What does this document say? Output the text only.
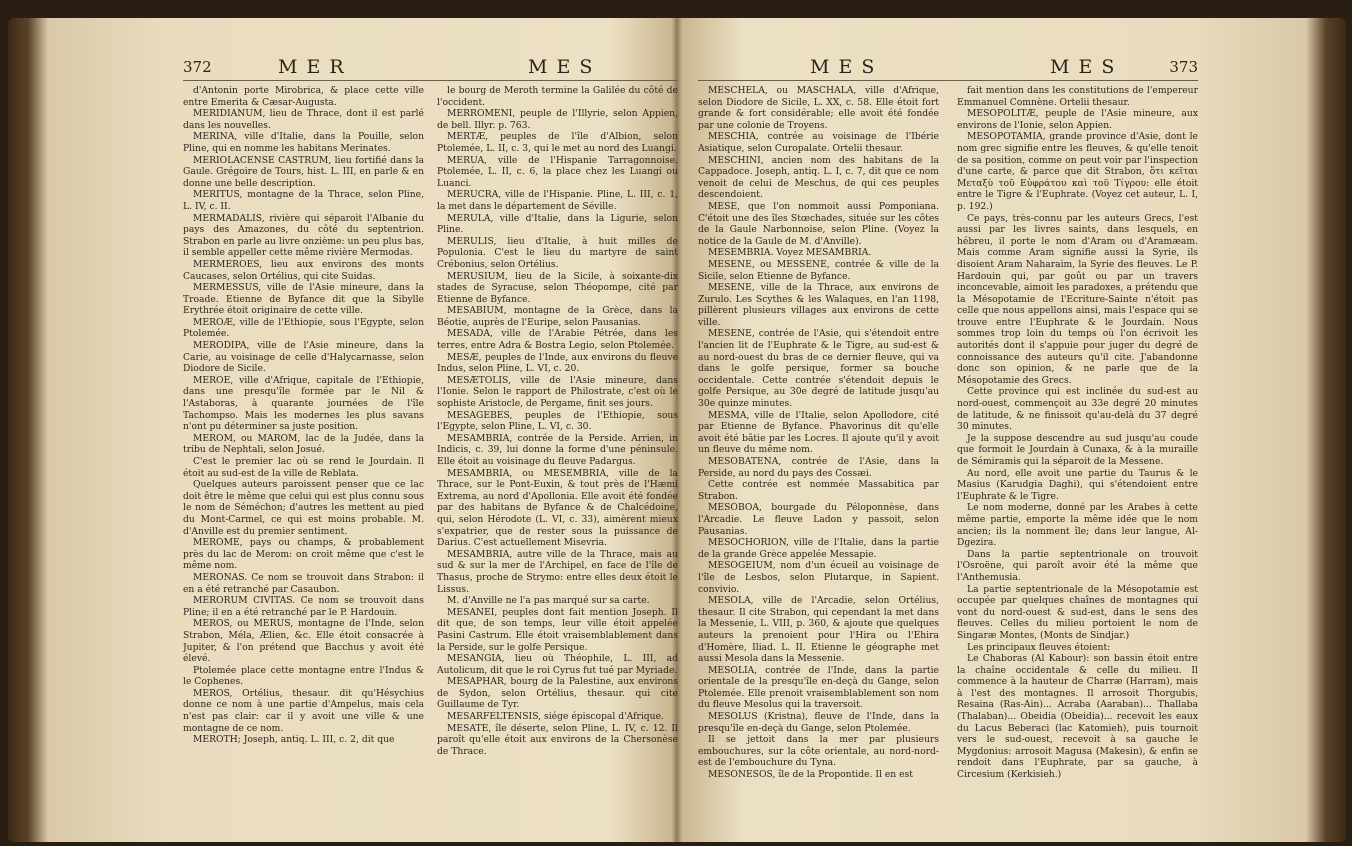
372	MER	MES

d'Antonin porte Mirobrica, & place cette ville entre Emerita & Cæsar-Augusta.

MERIDIANUM, lieu de Thrace, dont il est parlé dans les nouvelles.

MERINA, ville d'Italie, dans la Pouille, selon Pline, qui en nomme les habitans Merinates.

MERIOLACENSE CASTRUM, lieu fortifié dans la Gaule. Grégoire de Tours, hist. L. III, en parle & en donne une belle description.

MERITUS, montagne de la Thrace, selon Pline, L. IV, c. II.

MERMADALIS, rivière qui séparoit l'Albanie du pays des Amazones, du côté du septentrion. Strabon en parle au livre onzième: un peu plus bas, il semble appeller cette même rivière Mermodas.

MERMEROES, lieu aux environs des monts Caucases, selon Ortélius, qui cite Suidas.

MERMESSUS, ville de l'Asie mineure, dans la Troade. Etienne de Byfance dit que la Sibylle Erythrée étoit originaire de cette ville.

MEROÆ, ville de l'Ethiopie, sous l'Egypte, selon Ptolemée.

MERODIPA, ville de l'Asie mineure, dans la Carie, au voisinage de celle d'Halycarnasse, selon Diodore de Sicile.

MEROE, ville d'Afrique, capitale de l'Ethiopie, dans une presqu'île formée par le Nil & l'Astaboras, à quarante journées de l'île Tachompso. Mais les modernes les plus savans n'ont pu déterminer sa juste position.

MEROM, ou MAROM, lac de la Judée, dans la tribu de Nephtali, selon Josué.

C'est le premier lac où se rend le Jourdain. Il étoit au sud-est de la ville de Reblata.

Quelques auteurs paroissent penser que ce lac doit être le même que celui qui est plus connu sous le nom de Séméchon; d'autres les mettent au pied du Mont-Carmel, ce qui est moins probable. M. d'Anville est du premier sentiment.

MEROME, pays ou champs, & probablement près du lac de Merom: on croit même que c'est le même nom.

MERONAS. Ce nom se trouvoit dans Strabon: il en a été retranché par Casaubon.

MERORUM CIVITAS. Ce nom se trouvoit dans Pline; il en a été retranché par le P. Hardouin.

MEROS, ou MERUS, montagne de l'Inde, selon Strabon, Méla, Ælien, &c. Elle étoit consacrée à Jupiter, & l'on prétend que Bacchus y avoit été élevé.

Ptolemée place cette montagne entre l'Indus & le Cophenes.

MEROS, Ortélius, thesaur. dit qu'Hésychius donne ce nom à une partie d'Ampelus, mais cela n'est pas clair: car il y avoit une ville & une montagne de ce nom.

MEROTH; Joseph, antiq. L. III, c. 2, dit que

le bourg de Meroth termine la Galilée du côté de l'occident.

MERROMENI, peuple de l'Illyrie, selon Appien, de bell. Illyr. p. 763.

MERTÆ, peuples de l'île d'Albion, selon Ptolemée, L. II, c. 3, qui le met au nord des Luangi.

MERUA, ville de l'Hispanie Tarragonnoise. Ptolemée, L. II, c. 6, la place chez les Luangi ou Luanci.

MERUCRA, ville de l'Hispanie. Pline, L. III, c. 1, la met dans le département de Séville.

MERULA, ville d'Italie, dans la Ligurie, selon Pline.

MERULIS, lieu d'Italie, à huit milles de Populonia. C'est le lieu du martyre de saint Crébonius, selon Ortélius.

MERUSIUM, lieu de la Sicile, à soixante-dix stades de Syracuse, selon Théopompe, cité par Etienne de Byfance.

MESABIUM, montagne de la Grèce, dans la Béotie, auprès de l'Euripe, selon Pausanias.

MESADA, ville de l'Arabie Pétrée, dans les terres, entre Adra & Bostra Legio, selon Ptolemée.

MESÆ, peuples de l'Inde, aux environs du fleuve Indus, selon Pline, L. VI, c. 20.

MESÆTOLIS, ville de l'Asie mineure, dans l'Ionie. Selon le rapport de Philostrate, c'est où le sophiste Aristocle, de Pergame, finit ses jours.

MESAGEBES, peuples de l'Ethiopie, sous l'Egypte, selon Pline, L. VI, c. 30.

MESAMBRIA, contrée de la Perside. Arrien, in Indicis, c. 39, lui donne la forme d'une péninsule. Elle étoit au voisinage du fleuve Padargus.

MESAMBRIA, ou MESEMBRIA, ville de la Thrace, sur le Pont-Euxin, & tout près de l'Hæmi Extrema, au nord d'Apollonia. Elle avoit été fondée par des habitans de Byfance & de Chalcédoine, qui, selon Hérodote (L. VI, c. 33), aimèrent mieux s'expatrier, que de rester sous la puissance de Darius. C'est actuellement Misevria.

MESAMBRIA, autre ville de la Thrace, mais au sud & sur la mer de l'Archipel, en face de l'île de Thasus, proche de Strymo: entre elles deux étoit le Lissus.

M. d'Anville ne l'a pas marqué sur sa carte.

MESANEI, peuples dont fait mention Joseph. Il dit que, de son temps, leur ville étoit appelée Pasini Castrum. Elle étoit vraisemblablement dans la Perside, sur le golfe Persique.

MESANGIA, lieu où Théophile, L. III, ad Autolicum, dit que le roi Cyrus fut tué par Myriade.

MESAPHAR, bourg de la Palestine, aux environs de Sydon, selon Ortélius, thesaur. qui cite Guillaume de Tyr.

MESARFELTENSIS, siége épiscopal d'Afrique.

MESATE, île déserte, selon Pline, L. IV, c. 12. Il paroît qu'elle étoit aux environs de la Chersonèse de Thrace.

MES	MES	373

MESCHELA, ou MASCHALA, ville d'Afrique, selon Diodore de Sicile, L. XX, c. 58. Elle étoit fort grande & fort considérable; elle avoit été fondée par une colonie de Troyens.

MESCHIA, contrée au voisinage de l'Ibérie Asiatique, selon Curopalate. Ortelii thesaur.

MESCHINI, ancien nom des habitans de la Cappadoce. Joseph, antiq. L. I, c. 7, dit que ce nom venoit de celui de Meschus, de qui ces peuples descendoient.

MESE, que l'on nommoit aussi Pomponiana. C'étoit une des îles Stœchades, située sur les côtes de la Gaule Narbonnoise, selon Pline. (Voyez la notice de la Gaule de M. d'Anville).

MESEMBRIA. Voyez MESAMBRIA.

MESENE, ou MESSENE, contrée & ville de la Sicile, selon Etienne de Byfance.

MESENE, ville de la Thrace, aux environs de Zurulo. Les Scythes & les Walaques, en l'an 1198, pillèrent plusieurs villages aux environs de cette ville.

MESENE, contrée de l'Asie, qui s'étendoit entre l'ancien lit de l'Euphrate & le Tigre, au sud-est & au nord-ouest du bras de ce dernier fleuve, qui va dans le golfe persique, former sa bouche occidentale. Cette contrée s'étendoit depuis le golfe Persique, au 30e degré de latitude jusqu'au 30e quinze minutes.

MESMA, ville de l'Italie, selon Apollodore, cité par Etienne de Byfance. Phavorinus dit qu'elle avoit été bâtie par les Locres. Il ajoute qu'il y avoit un fleuve du même nom.

MESOBATENA, contrée de l'Asie, dans la Perside, au nord du pays des Cossæi.

Cette contrée est nommée Massabitica par Strabon.

MESOBOA, bourgade du Péloponnèse, dans l'Arcadie. Le fleuve Ladon y passoit, selon Pausanias.

MESOCHORION, ville de l'Italie, dans la partie de la grande Grèce appelée Messapie.

MESOGEIUM, nom d'un écueil au voisinage de l'île de Lesbos, selon Plutarque, in Sapient. convivio.

MESOLA, ville de l'Arcadie, selon Ortélius, thesaur. Il cite Strabon, qui cependant la met dans la Messenie, L. VIII, p. 360, & ajoute que quelques auteurs la prenoient pour l'Hira ou l'Ehira d'Homère, Iliad. L. II. Etienne le géographe met aussi Mesola dans la Messenie.

MESOLIA, contrée de l'Inde, dans la partie orientale de la presqu'île en-deçà du Gange, selon Ptolemée. Elle prenoit vraisemblablement son nom du fleuve Mesolus qui la traversoit.

MESOLUS (Kristna), fleuve de l'Inde, dans la presqu'île en-deçà du Gange, selon Ptolemée.

Il se jettoit dans la mer par plusieurs embouchures, sur la côte orientale, au nord-nord-est de l'embouchure du Tyna.

MESONESOS, île de la Propontide. Il en est

fait mention dans les constitutions de l'empereur Emmanuel Comnène. Ortelii thesaur.

MESOPOLITÆ, peuple de l'Asie mineure, aux environs de l'Ionie, selon Appien.

MESOPOTAMIA, grande province d'Asie, dont le nom grec signifie entre les fleuves, & qu'elle tenoit de sa position, comme on peut voir par l'inspection d'une carte, & parce que dit Strabon, ὅτι κεῖται Μεταξὺ τοῦ Εὐφράτου καὶ τοῦ Τίγρου: elle étoit entre le Tigre & l'Euphrate. (Voyez cet auteur, L. I, p. 192.)

Ce pays, très-connu par les auteurs Grecs, l'est aussi par les livres saints, dans lesquels, en hébreu, il porte le nom d'Aram ou d'Aramæam. Mais comme Aram signifie aussi la Syrie, ils disoient Aram Naharaim, la Syrie des fleuves. Le P. Hardouin qui, par goût ou par un travers inconcevable, aimoit les paradoxes, a prétendu que la Mésopotamie de l'Ecriture-Sainte n'étoit pas celle que nous appellons ainsi, mais l'espace qui se trouve entre l'Euphrate & le Jourdain. Nous sommes trop loin du temps où l'on écrivoit les autorités dont il s'appuie pour juger du degré de connoissance des auteurs qu'il cite. J'abandonne donc son opinion, & ne parle que de la Mésopotamie des Grecs.

Cette province qui est inclinée du sud-est au nord-ouest, commençoit au 33e degré 20 minutes de latitude, & ne finissoit qu'au-delà du 37 degré 30 minutes.

Je la suppose descendre au sud jusqu'au coude que formoit le Jourdain à Cunaxa, & à la muraille de Sémiramis qui la séparoit de la Messene.

Au nord, elle avoit une partie du Taurus & le Masius (Karudgia Daghi), qui s'étendoient entre l'Euphrate & le Tigre.

Le nom moderne, donné par les Arabes à cette même partie, emporte la même idée que le nom ancien; ils la nomment île; dans leur langue, Al-Dgezira.

Dans la partie septentrionale on trouvoit l'Osroëne, qui paroît avoir été la même que l'Anthemusia.

La partie septentrionale de la Mésopotamie est occupée par quelques chaînes de montagnes qui vont du nord-ouest & sud-est, dans le sens des fleuves. Celles du milieu portoient le nom de Singaræ Montes, (Monts de Sindjar.)

Les principaux fleuves étoient:

Le Chaboras (Al Kabour): son bassin étoit entre la chaîne occidentale & celle du milieu. Il commence à la hauteur de Charræ (Harram), mais à l'est des montagnes. Il arrosoit Thorgubis, Resaina (Ras-Ain)... Acraba (Aaraban)... Thallaba (Thalaban)... Obeidia (Obeidia)... recevoit les eaux du Lacus Beberaci (lac Katomieh), puis tournoit vers le sud-ouest, recevoit à sa gauche le Mygdonius: arrosoit Magusa (Makesin), & enfin se rendoit dans l'Euphrate, par sa gauche, à Circesium (Kerkisieh.)
